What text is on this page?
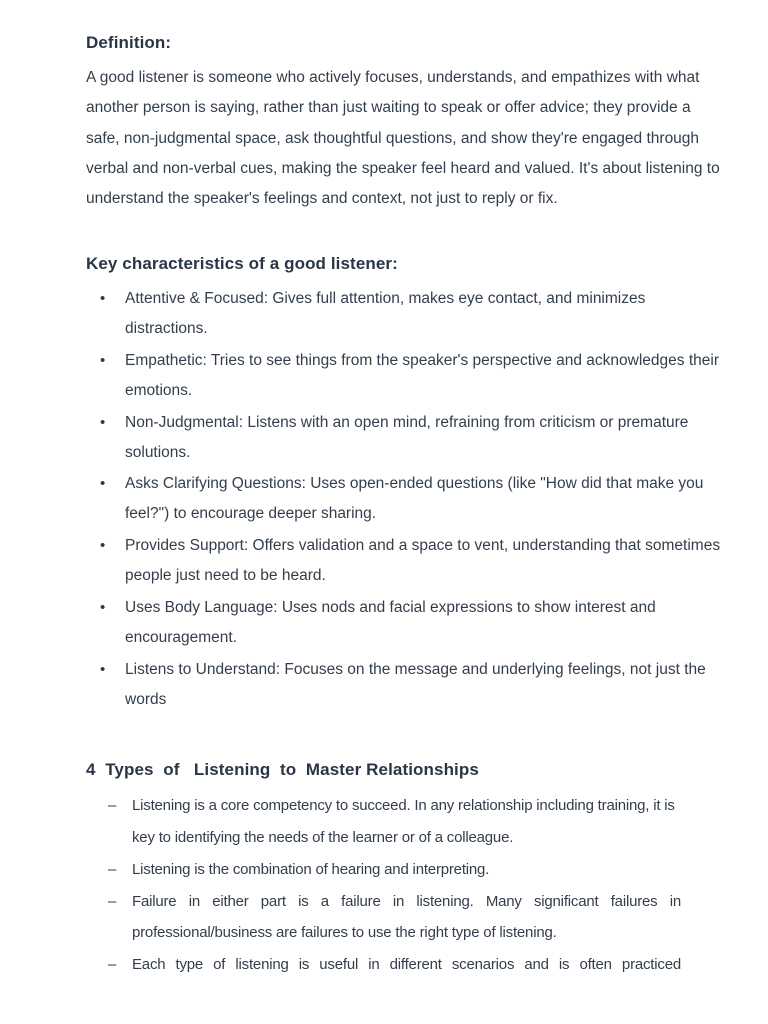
Definition:

A good listener is someone who actively focuses, understands, and empathizes with what another person is saying, rather than just waiting to speak or offer advice; they provide a safe, non-judgmental space, ask thoughtful questions, and show they're engaged through verbal and non-verbal cues, making the speaker feel heard and valued. It's about listening to understand the speaker's feelings and context, not just to reply or fix.

Key characteristics of a good listener:
• Attentive & Focused: Gives full attention, makes eye contact, and minimizes distractions.
• Empathetic: Tries to see things from the speaker's perspective and acknowledges their emotions.
• Non-Judgmental: Listens with an open mind, refraining from criticism or premature solutions.
• Asks Clarifying Questions: Uses open-ended questions (like "How did that make you feel?") to encourage deeper sharing.
• Provides Support: Offers validation and a space to vent, understanding that sometimes people just need to be heard.
• Uses Body Language: Uses nods and facial expressions to show interest and encouragement.
• Listens to Understand: Focuses on the message and underlying feelings, not just the words
4  Types  of   Listening  to  Master Relationships
– Listening is a core competency to succeed. In any relationship including training, it is key to identifying the needs of the learner or of a colleague.
– Listening is the combination of hearing and interpreting.
– Failure in either part is a failure in listening. Many significant failures in professional/business are failures to use the right type of listening.
– Each type of listening is useful in different scenarios and is often practiced
